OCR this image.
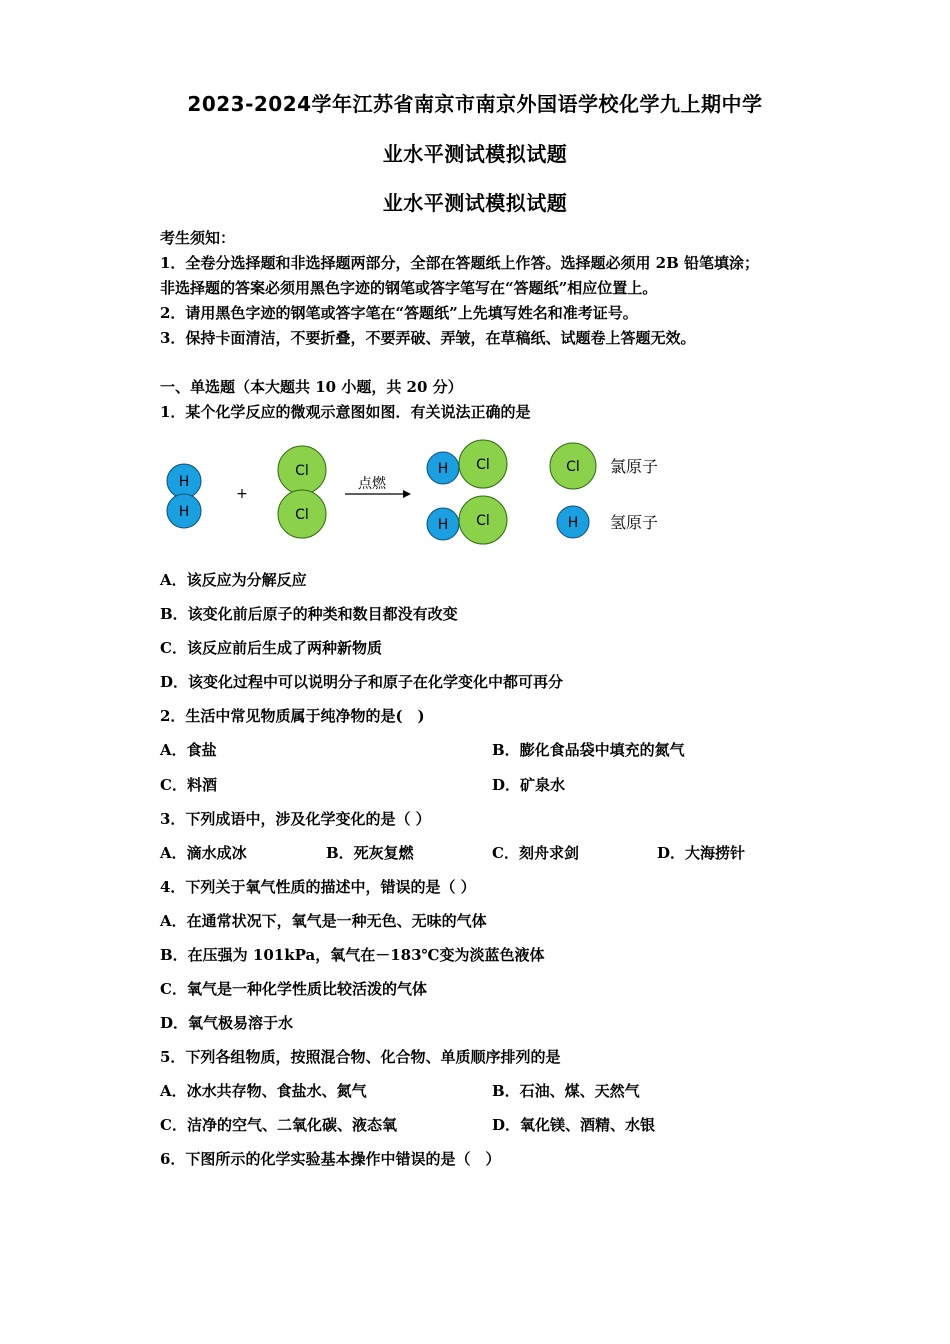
2023-2024学年江苏省南京市南京外国语学校化学九上期中学
业水平测试模拟试题
业水平测试模拟试题
考生须知：
1．全卷分选择题和非选择题两部分，全部在答题纸上作答。选择题必须用 2B 铅笔填涂；
非选择题的答案必须用黑色字迹的钢笔或答字笔写在“答题纸”相应位置上。
2．请用黑色字迹的钢笔或答字笔在“答题纸”上先填写姓名和准考证号。
3．保持卡面清洁，不要折叠，不要弄破、弄皱，在草稿纸、试题卷上答题无效。
一、单选题（本大题共 10 小题，共 20 分）
1．某个化学反应的微观示意图如图．有关说法正确的是
H
H
+
Cl
Cl
点燃
H Cl
H Cl
Cl 氯原子
H 氢原子
A．该反应为分解反应
B．该变化前后原子的种类和数目都没有改变
C．该反应前后生成了两种新物质
D．该变化过程中可以说明分子和原子在化学变化中都可再分
2．生活中常见物质属于纯净物的是(　)
A．食盐	B．膨化食品袋中填充的氮气
C．料酒	D．矿泉水
3．下列成语中，涉及化学变化的是（ ）
A．滴水成冰	B．死灰复燃	C．刻舟求剑	D．大海捞针
4．下列关于氧气性质的描述中，错误的是（ ）
A．在通常状况下，氧气是一种无色、无味的气体
B．在压强为 101kPa，氧气在－183℃变为淡蓝色液体
C．氧气是一种化学性质比较活泼的气体
D．氧气极易溶于水
5．下列各组物质，按照混合物、化合物、单质顺序排列的是
A．冰水共存物、食盐水、氮气	B．石油、煤、天然气
C．洁净的空气、二氧化碳、液态氧	D．氧化镁、酒精、水银
6．下图所示的化学实验基本操作中错误的是（　）
